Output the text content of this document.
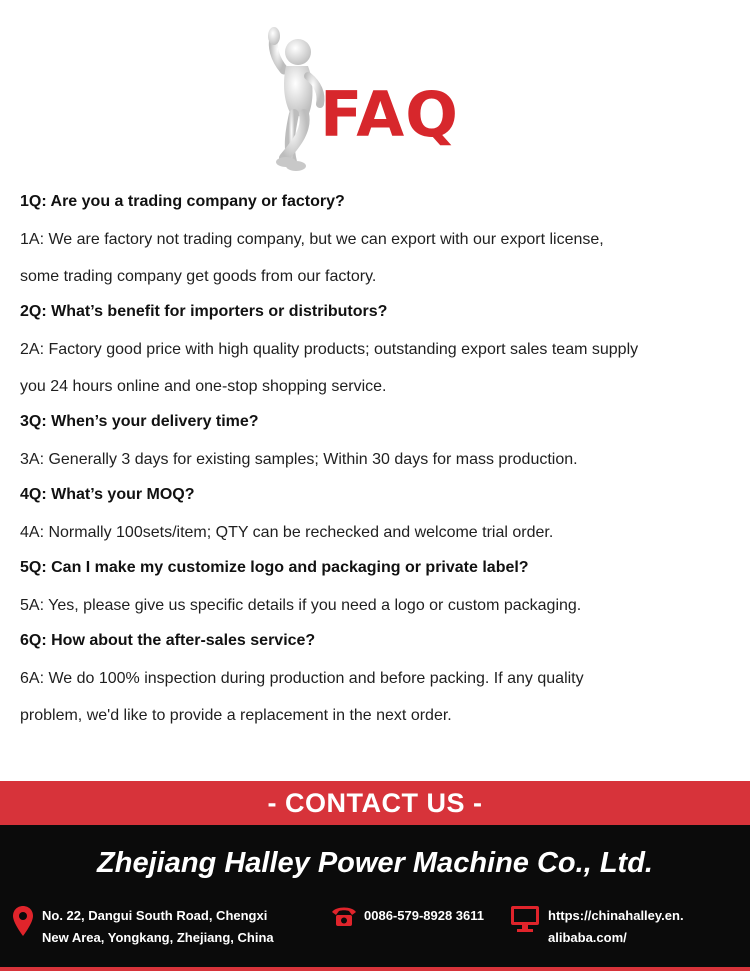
FAQ
1Q: Are you a trading company or factory?
1A: We are factory not trading company, but we can export with our export license,
some trading company get goods from our factory.
2Q: What’s benefit for importers or distributors?
2A: Factory good price with high quality products; outstanding export sales team supply
you 24 hours online and one-stop shopping service.
3Q: When’s your delivery time?
3A: Generally 3 days for existing samples; Within 30 days for mass production.
4Q: What’s your MOQ?
4A: Normally 100sets/item; QTY can be rechecked and welcome trial order.
5Q: Can I make my customize logo and packaging or private label?
5A: Yes, please give us specific details if you need a logo or custom packaging.
6Q: How about the after-sales service?
6A: We do 100% inspection during production and before packing. If any quality
problem, we'd like to provide a replacement in the next order.
- CONTACT US -
Zhejiang Halley Power Machine Co., Ltd.
No. 22, Dangui South Road, Chengxi
New Area, Yongkang, Zhejiang, China
0086-579-8928 3611	https://chinahalley.en.
alibaba.com/
